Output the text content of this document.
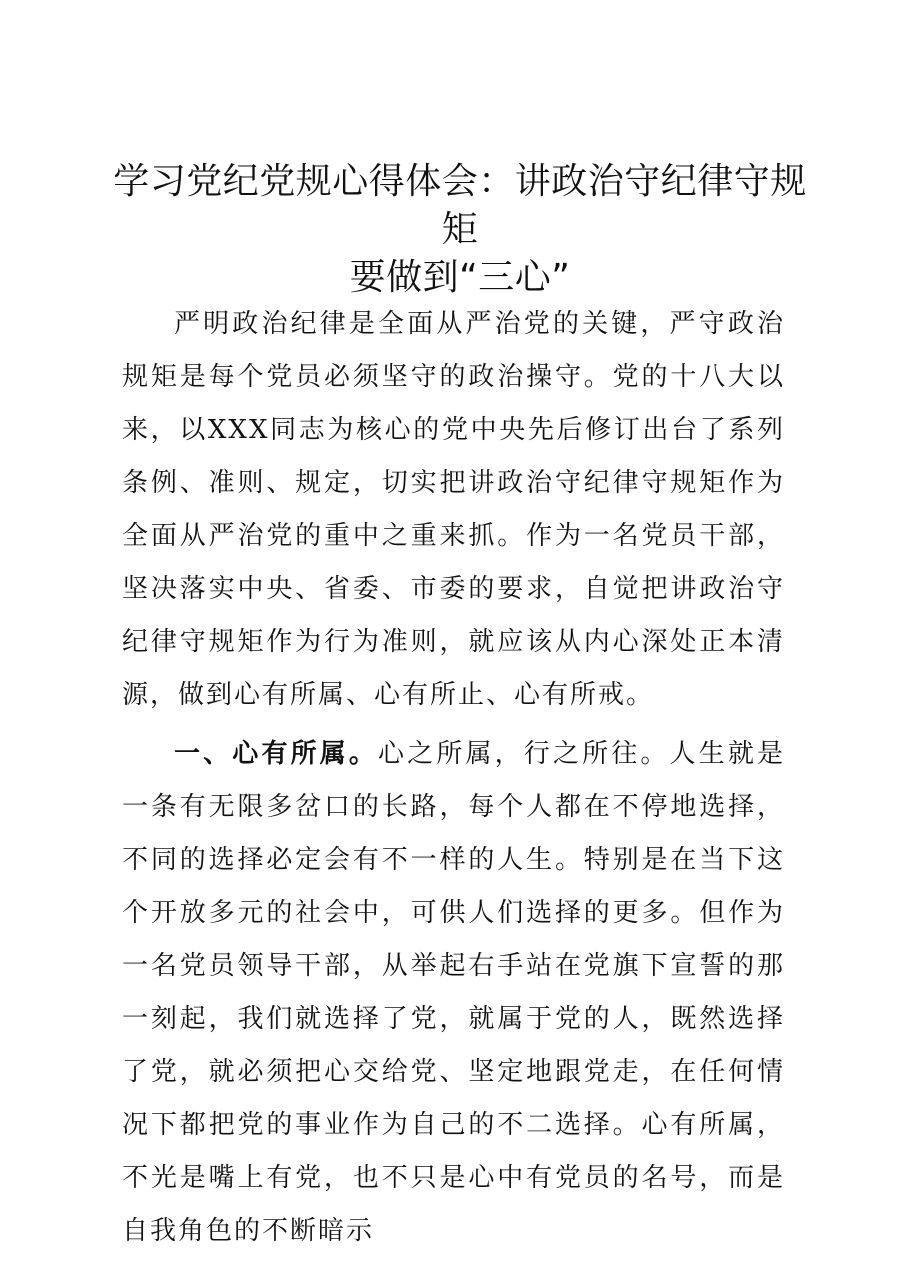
学习党纪党规心得体会：讲政治守纪律守规矩

要做到“三心”

严明政治纪律是全面从严治党的关键，严守政治规矩是每个党员必须坚守的政治操守。党的十八大以来，以XXX同志为核心的党中央先后修订出台了系列条例、准则、规定，切实把讲政治守纪律守规矩作为全面从严治党的重中之重来抓。作为一名党员干部，坚决落实中央、省委、市委的要求，自觉把讲政治守纪律守规矩作为行为准则，就应该从内心深处正本清源，做到心有所属、心有所止、心有所戒。

一、心有所属。心之所属，行之所往。人生就是一条有无限多岔口的长路，每个人都在不停地选择，不同的选择必定会有不一样的人生。特别是在当下这个开放多元的社会中，可供人们选择的更多。但作为一名党员领导干部，从举起右手站在党旗下宣誓的那一刻起，我们就选择了党，就属于党的人，既然选择了党，就必须把心交给党、坚定地跟党走，在任何情况下都把党的事业作为自己的不二选择。心有所属，不光是嘴上有党，也不只是心中有党员的名号，而是自我角色的不断暗示
